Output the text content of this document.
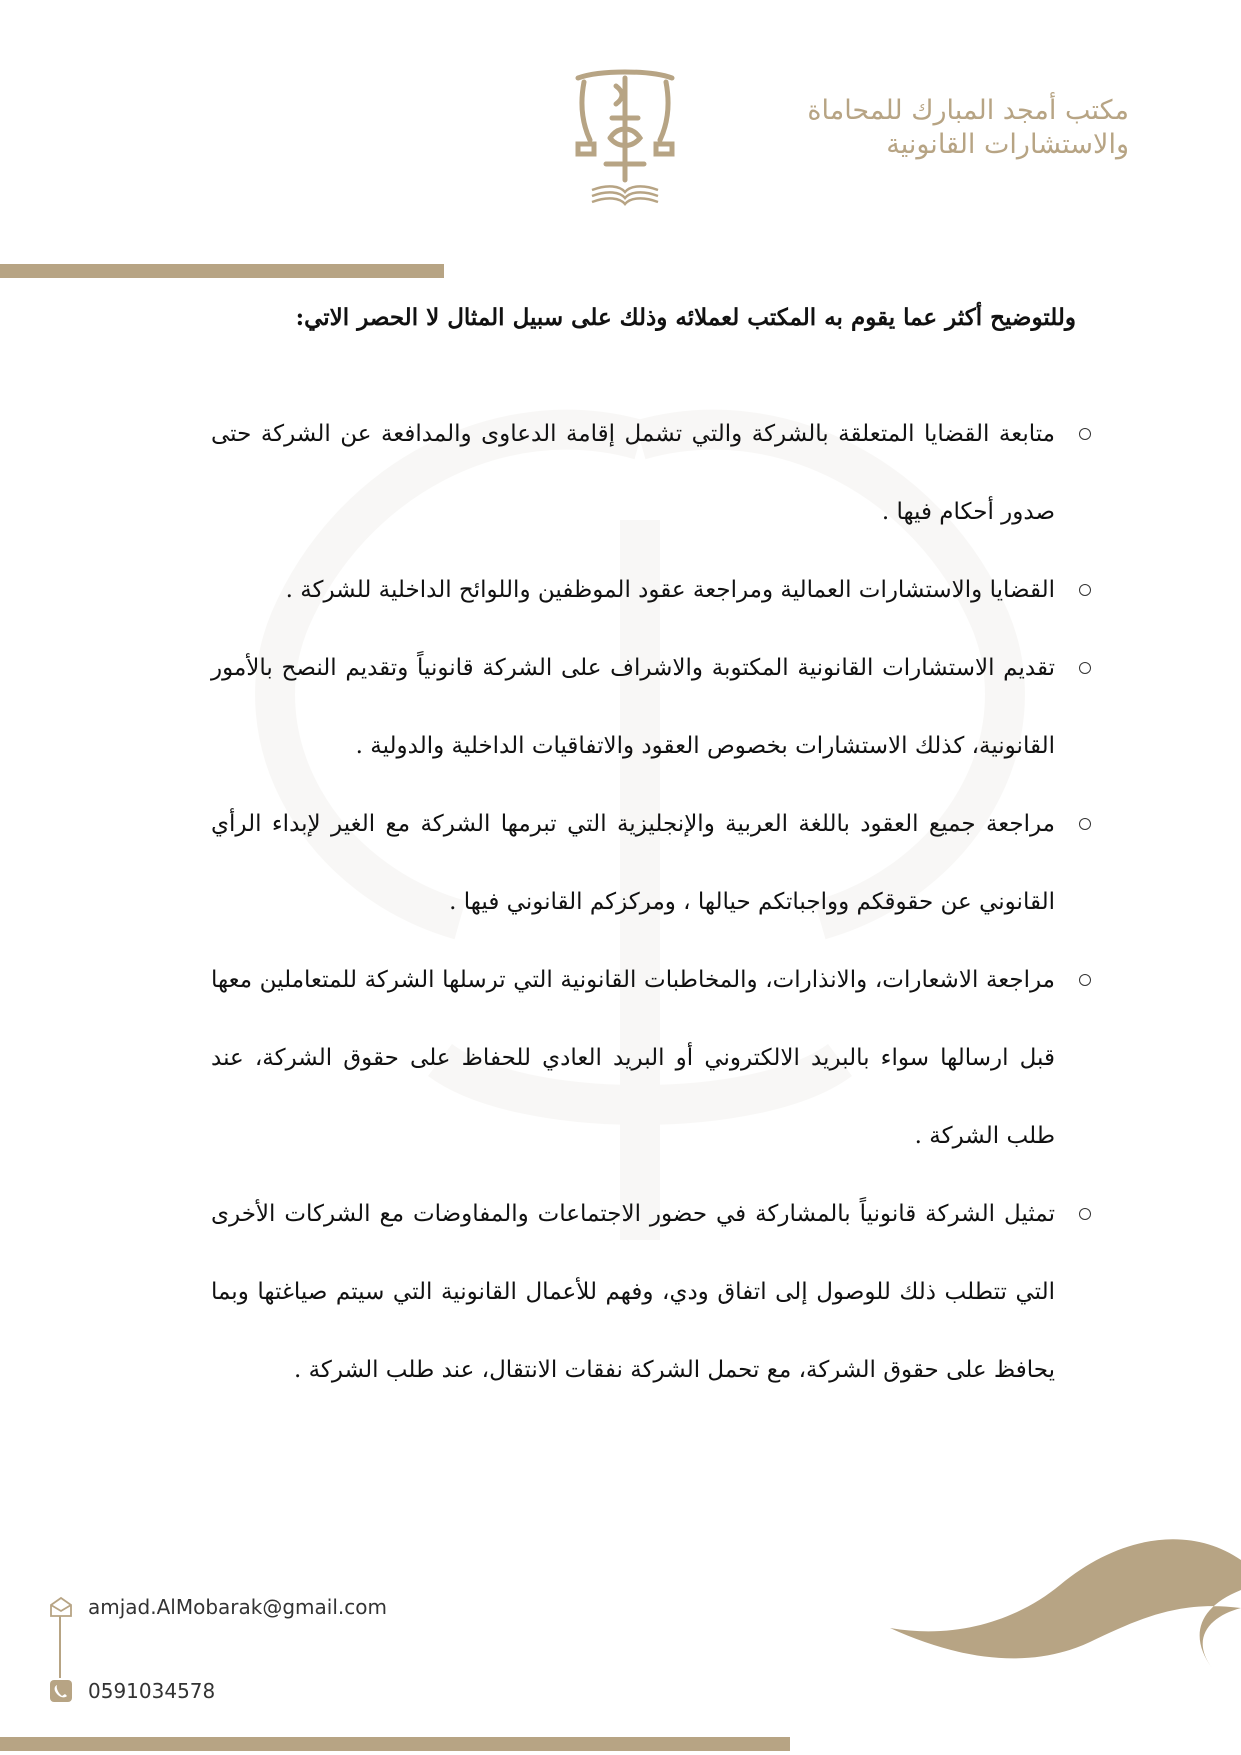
مكتب أمجد المبارك للمحاماة
والاستشارات القانونية
وللتوضيح أكثر عما يقوم به المكتب لعملائه وذلك على سبيل المثال لا الحصر الاتي:
متابعة القضايا المتعلقة بالشركة والتي تشمل إقامة الدعاوى والمدافعة عن الشركة حتى صدور أحكام فيها .
القضايا والاستشارات العمالية ومراجعة عقود الموظفين واللوائح الداخلية للشركة .
تقديم الاستشارات القانونية المكتوبة والاشراف على الشركة قانونياً وتقديم النصح بالأمور القانونية، كذلك الاستشارات بخصوص العقود والاتفاقيات الداخلية والدولية .
مراجعة جميع العقود باللغة العربية والإنجليزية التي تبرمها الشركة مع الغير لإبداء الرأي القانوني عن حقوقكم وواجباتكم حيالها ، ومركزكم القانوني فيها .
مراجعة الاشعارات، والانذارات، والمخاطبات القانونية التي ترسلها الشركة للمتعاملين معها قبل ارسالها سواء بالبريد الالكتروني أو البريد العادي للحفاظ على حقوق الشركة، عند طلب الشركة .
تمثيل الشركة قانونياً بالمشاركة في حضور الاجتماعات والمفاوضات مع الشركات الأخرى التي تتطلب ذلك للوصول إلى اتفاق ودي، وفهم للأعمال القانونية التي سيتم صياغتها وبما يحافظ على حقوق الشركة، مع تحمل الشركة نفقات الانتقال، عند طلب الشركة .
amjad.AlMobarak@gmail.com
0591034578
